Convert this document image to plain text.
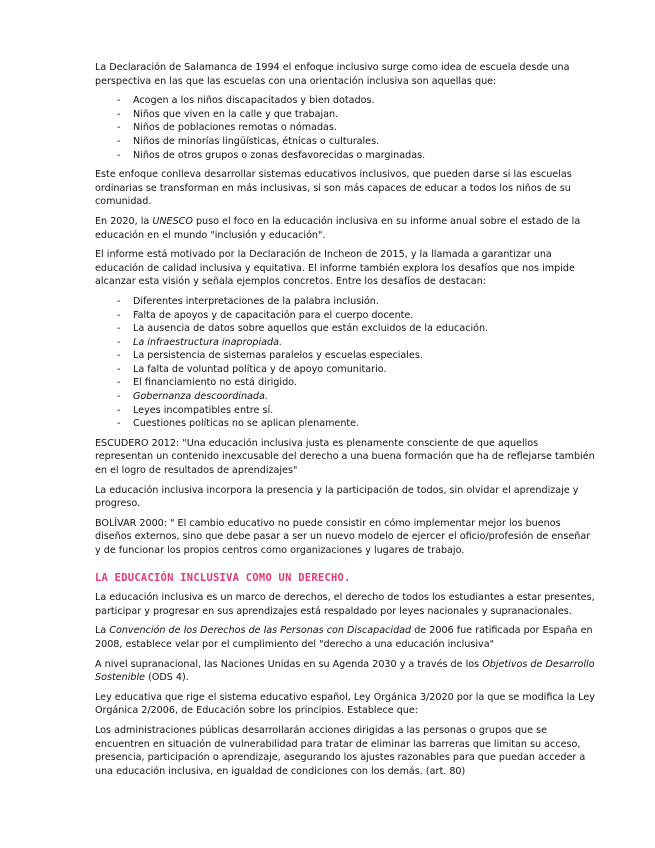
La Declaración de Salamanca de 1994 el enfoque inclusivo surge como idea de escuela desde una perspectiva en las que las escuelas con una orientación inclusiva son aquellas que:

- Acogen a los niños discapacitados y bien dotados.
- Niños que viven en la calle y que trabajan.
- Niños de poblaciones remotas o nómadas.
- Niños de minorías lingüísticas, étnicas o culturales.
- Niños de otros grupos o zonas desfavorecidas o marginadas.

Este enfoque conlleva desarrollar sistemas educativos inclusivos, que pueden darse si las escuelas ordinarias se transforman en más inclusivas, si son más capaces de educar a todos los niños de su comunidad.

En 2020, la UNESCO puso el foco en la educación inclusiva en su informe anual sobre el estado de la educación en el mundo "inclusión y educación".

El informe está motivado por la Declaración de Incheon de 2015, y la llamada a garantizar una educación de calidad inclusiva y equitativa. El informe también explora los desafíos que nos impide alcanzar esta visión y señala ejemplos concretos. Entre los desafíos de destacan:

- Diferentes interpretaciones de la palabra inclusión.
- Falta de apoyos y de capacitación para el cuerpo docente.
- La ausencia de datos sobre aquellos que están excluidos de la educación.
- La infraestructura inapropiada.
- La persistencia de sistemas paralelos y escuelas especiales.
- La falta de voluntad política y de apoyo comunitario.
- El financiamiento no está dirigido.
- Gobernanza descoordinada.
- Leyes incompatibles entre sí.
- Cuestiones políticas no se aplican plenamente.

ESCUDERO 2012: "Una educación inclusiva justa es plenamente consciente de que aquellos representan un contenido inexcusable del derecho a una buena formación que ha de reflejarse también en el logro de resultados de aprendizajes"

La educación inclusiva incorpora la presencia y la participación de todos, sin olvidar el aprendizaje y progreso.

BOLÍVAR 2000: " El cambio educativo no puede consistir en cómo implementar mejor los buenos diseños externos, sino que debe pasar a ser un nuevo modelo de ejercer el oficio/profesión de enseñar y de funcionar los propios centros como organizaciones y lugares de trabajo.

LA EDUCACIÓN INCLUSIVA COMO UN DERECHO.

La educación inclusiva es un marco de derechos, el derecho de todos los estudiantes a estar presentes, participar y progresar en sus aprendizajes está respaldado por leyes nacionales y supranacionales.

La Convención de los Derechos de las Personas con Discapacidad de 2006 fue ratificada por España en 2008, establece velar por el cumplimiento del "derecho a una educación inclusiva"

A nivel supranacional, las Naciones Unidas en su Agenda 2030 y a través de los Objetivos de Desarrollo Sostenible (ODS 4).

Ley educativa que rige el sistema educativo español, Ley Orgánica 3/2020 por la que se modifica la Ley Orgánica 2/2006, de Educación sobre los principios. Establece que:

Los administraciones públicas desarrollarán acciones dirigidas a las personas o grupos que se encuentren en situación de vulnerabilidad para tratar de eliminar las barreras que limitan su acceso, presencia, participación o aprendizaje, asegurando los ajustes razonables para que puedan acceder a una educación inclusiva, en igualdad de condiciones con los demás. (art. 80)
